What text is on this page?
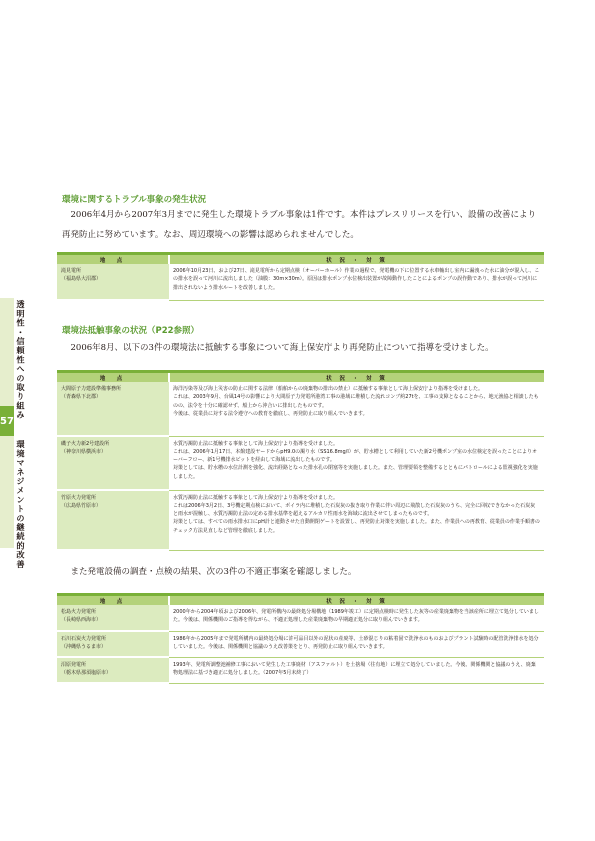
透明性・信頼性への取り組み
57
環境マネジメントの継続的改善
環境に関するトラブル事象の発生状況

2006年4月から2007年3月までに発生した環境トラブル事象は1件です。本件はプレスリリースを行い、設備の改善により再発防止に努めています。なお、周辺環境への影響は認められませんでした。

地　点	状 況 ・ 対 策
滝見電所
（福島県大沼郡）	2006年10月23日、および27日、滝見電所から定期点検（オーバーホール）作業の過程で、発電機の下に位置する水車軸出し室内に漏洩った水に油分が混入し、この排水を誤って河川に流出しました（油膜：30m×30m）。原因は排水ポンプ水位検出装置が故障動作したことによるポンプの誤作動であり、排水が誤って河川に排出されないよう排水ルートを改善しました。
環境法抵触事象の状況（P22参照）

2006年8月、以下の3件の環境法に抵触する事象について海上保安庁より再発防止について指導を受けました。

地　点	状 況 ・ 対 策
大間原子力建設準備事務所
（青森県下北郡）	海洋汚染等及び海上災害の防止に関する法律（船舶からの廃棄物の排出の禁止）に抵触する事象として海上保安庁より指導を受けました。
これは、2003年9月、台風14号の影響により大間原子力発電所港湾工事の港域に堆積した流れコンブ約27tを、工事の支障となることから、地元漁協と相談したものの、法令を十分に確認せず、船上から沖合いに排出したものです。
今後は、従業員に対する法令遵守への教育を徹底し、再発防止に取り組んでいきます。
磯子火力新2号建設所
（神奈川県横浜市）	水質汚濁防止法に抵触する事象として海上保安庁より指導を受けました。
これは、2006年1月17日、本館建設ヤードからpH9.0の濁り水（SS16.8mg/l）が、貯水槽として利用していた新2号機ポンプ室の水位検定を誤ったことによりオーバーフロー、新1号機排水ピットを経由して海域に流出したものです。
対策としては、貯水槽の水位計測を強化、流出経路となった排水孔の閉塞等を実施しました。また、管理要領を整備するとともにパトロールによる監視強化を実施しました。
竹原火力発電所
（広島県竹原市）	水質汚濁防止法に抵触する事象として海上保安庁より指導を受けました。
これは2006年3月2日、3号機定期点検において、ボイラ内に堆積した石炭灰の抜き取り作業に伴い周辺に飛散した石炭灰のうち、完全に回収できなかった石炭灰と雨水が混触し、水質汚濁防止法の定める排水基準を超えるアルカリ性雨水を海域に流出させてしまったものです。
対策としては、すべての雨水排水口にpH計と連動させた自動開閉ゲートを設置し、再発防止対策を実施しました。また、作業員への再教育、従業員の作業手順書のチェック方法見直しなど管理を徹底しました。

また発電設備の調査・点検の結果、次の3件の不適正事案を確認しました。

地　点	状 況 ・ 対 策
松島火力発電所
（長崎県西海市）	2000年から2004年頃および2006年、発電所構内の最終処分場構地（1989年竣工）に定期点検時に発生した灰等の産業廃棄物を当該産所に埋立て処分していました。今後は、関係機関のご指導を得ながら、不適正処理した産業廃棄物の早期適正処分に取り組んでいきます。
石川石炭火力発電所
（沖縄県うるま市）	1986年から2005年まで発電所構内の最終処分場に許可品目以外の泥状の産廃等、土砂混じりの粘着固で洗浄水のものおよびプラント試験時の配管洗浄排水を処分していました。今後は、関係機関と協議のうえ改善策をとり、再発防止に取り組んでいきます。
沼原発電所
（栃木県那須塩原市）	1993年、発電所調整池補修工事において発生した工事廃材（アスファルト）を土捨場（往有地）に埋立て処分していました。今後、関係機関と協議のうえ、廃棄物処理法に基づき適正に処分しました。（2007年5月末終了）
